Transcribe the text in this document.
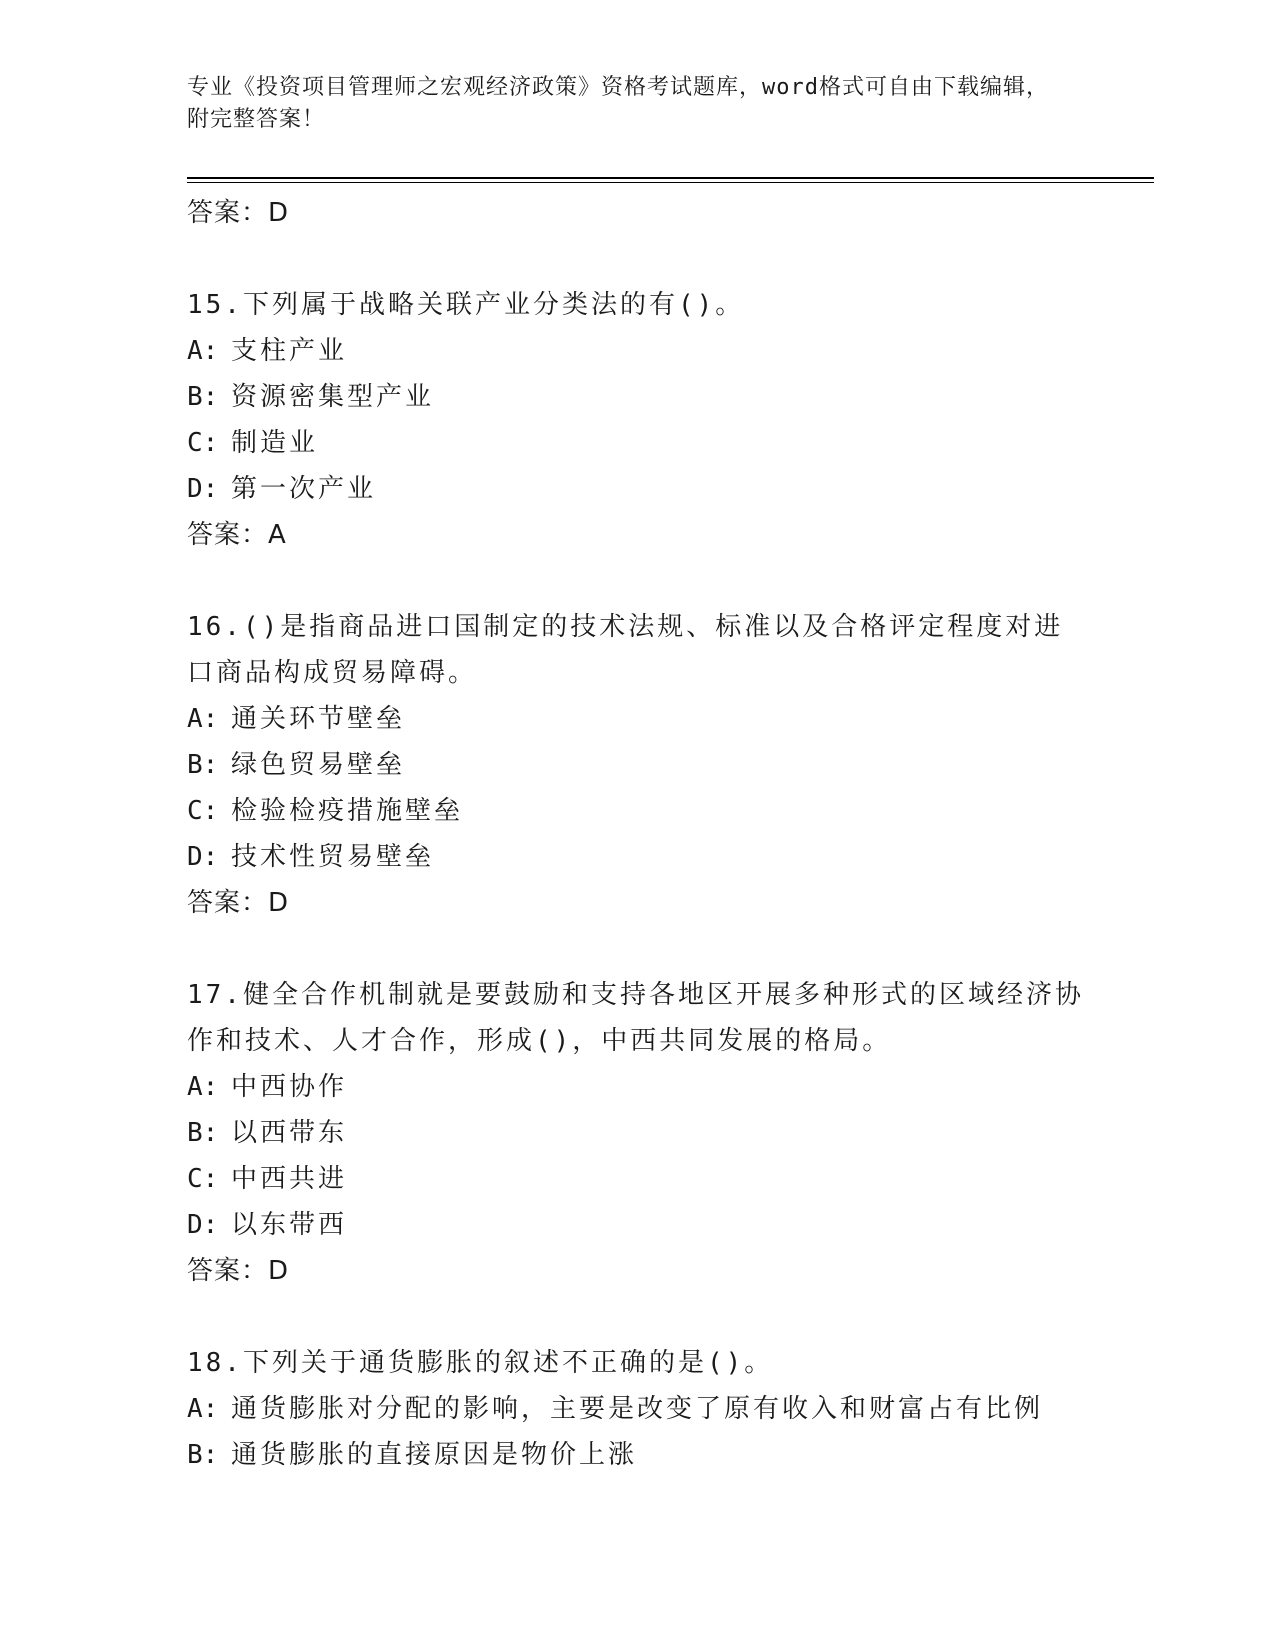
专业《投资项目管理师之宏观经济政策》资格考试题库，word格式可自由下载编辑，附完整答案！
答案：D
15.下列属于战略关联产业分类法的有()。
A: 支柱产业
B: 资源密集型产业
C: 制造业
D: 第一次产业
答案：A
16.()是指商品进口国制定的技术法规、标准以及合格评定程度对进口商品构成贸易障碍。
A: 通关环节壁垒
B: 绿色贸易壁垒
C: 检验检疫措施壁垒
D: 技术性贸易壁垒
答案：D
17.健全合作机制就是要鼓励和支持各地区开展多种形式的区域经济协作和技术、人才合作，形成()，中西共同发展的格局。
A: 中西协作
B: 以西带东
C: 中西共进
D: 以东带西
答案：D
18.下列关于通货膨胀的叙述不正确的是()。
A: 通货膨胀对分配的影响，主要是改变了原有收入和财富占有比例
B: 通货膨胀的直接原因是物价上涨
